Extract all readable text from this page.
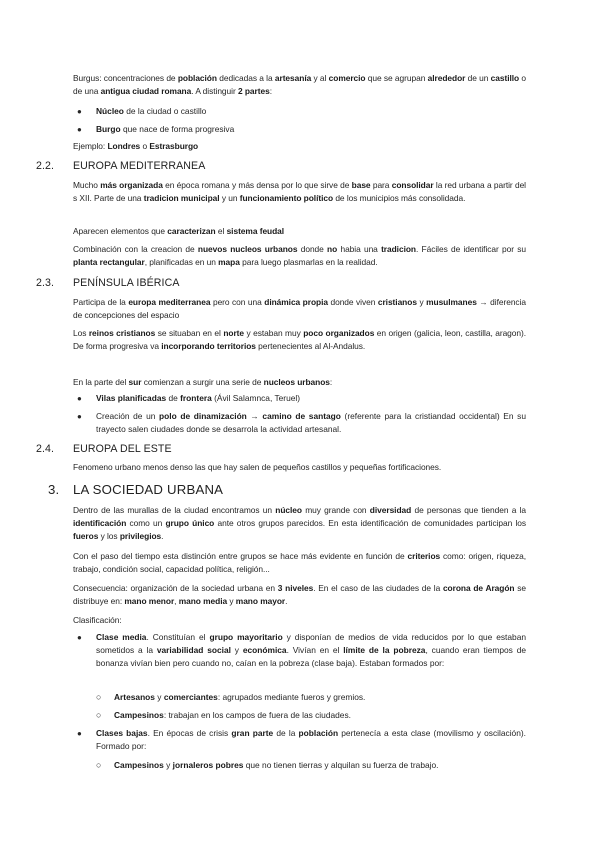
Burgus: concentraciones de población dedicadas a la artesanía y al comercio que se agrupan alrededor de un castillo o de una antigua ciudad romana. A distinguir 2 partes:
● Núcleo de la ciudad o castillo
● Burgo que nace de forma progresiva
Ejemplo: Londres o Estrasburgo
2.2. EUROPA MEDITERRANEA
Mucho más organizada en época romana y más densa por lo que sirve de base para consolidar la red urbana a partir del s XII. Parte de una tradicion municipal y un funcionamiento político de los municipios más consolidada.
Aparecen elementos que caracterizan el sistema feudal
Combinación con la creacion de nuevos nucleos urbanos donde no habia una tradicion. Fáciles de identificar por su planta rectangular, planificadas en un mapa para luego plasmarlas en la realidad.
2.3. PENÍNSULA IBÉRICA
Participa de la europa mediterranea pero con una dinámica propia donde viven cristianos y musulmanes → diferencia de concepciones del espacio
Los reinos cristianos se situaban en el norte y estaban muy poco organizados en origen (galicia, leon, castilla, aragon). De forma progresiva va incorporando territorios pertenecientes al Al-Andalus.
En la parte del sur comienzan a surgir una serie de nucleos urbanos:
● Vilas planificadas de frontera (Ávil Salamnca, Teruel)
● Creación de un polo de dinamización → camino de santago (referente para la cristiandad occidental) En su trayecto salen ciudades donde se desarrola la actividad artesanal.
2.4. EUROPA DEL ESTE
Fenomeno urbano menos denso las que hay salen de pequeños castillos y pequeñas fortificaciones.
3. LA SOCIEDAD URBANA
Dentro de las murallas de la ciudad encontramos un núcleo muy grande con diversidad de personas que tienden a la identificación como un grupo único ante otros grupos parecidos. En esta identificación de comunidades participan los fueros y los privilegios.
Con el paso del tiempo esta distinción entre grupos se hace más evidente en función de criterios como: origen, riqueza, trabajo, condición social, capacidad política, religión...
Consecuencia: organización de la sociedad urbana en 3 niveles. En el caso de las ciudades de la corona de Aragón se distribuye en: mano menor, mano media y mano mayor.
Clasificación:
● Clase media. Constituían el grupo mayoritario y disponían de medios de vida reducidos por lo que estaban sometidos a la variabilidad social y económica. Vivían en el límite de la pobreza, cuando eran tiempos de bonanza vivían bien pero cuando no, caían en la pobreza (clase baja). Estaban formados por:
○ Artesanos y comerciantes: agrupados mediante fueros y gremios.
○ Campesinos: trabajan en los campos de fuera de las ciudades.
● Clases bajas. En épocas de crisis gran parte de la población pertenecía a esta clase (movilismo y oscilación). Formado por:
○ Campesinos y jornaleros pobres que no tienen tierras y alquilan su fuerza de trabajo.
